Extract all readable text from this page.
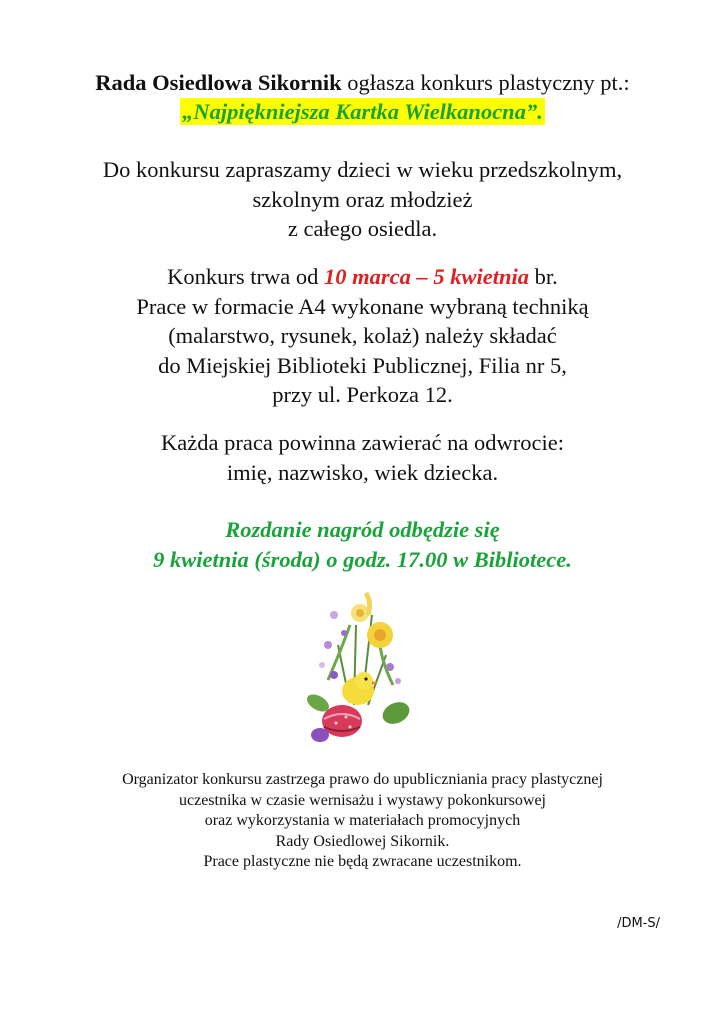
Rada Osiedlowa Sikornik ogłasza konkurs plastyczny pt.:
„Najpiękniejsza Kartka Wielkanocna”.
Do konkursu zapraszamy dzieci w wieku przedszkolnym,
szkolnym oraz młodzież
z całego osiedla.
Konkurs trwa od 10 marca – 5 kwietnia br.
Prace w formacie A4 wykonane wybraną techniką
(malarstwo, rysunek, kolaż) należy składać
do Miejskiej Biblioteki Publicznej, Filia nr 5,
przy ul. Perkoza 12.
Każda praca powinna zawierać na odwrocie:
imię, nazwisko, wiek dziecka.
Rozdanie nagród odbędzie się
9 kwietnia (środa) o godz. 17.00 w Bibliotece.
Organizator konkursu zastrzega prawo do upubliczniania pracy plastycznej
uczestnika w czasie wernisażu i wystawy pokonkursowej
oraz wykorzystania w materiałach promocyjnych
Rady Osiedlowej Sikornik.
Prace plastyczne nie będą zwracane uczestnikom.
/DM-S/
